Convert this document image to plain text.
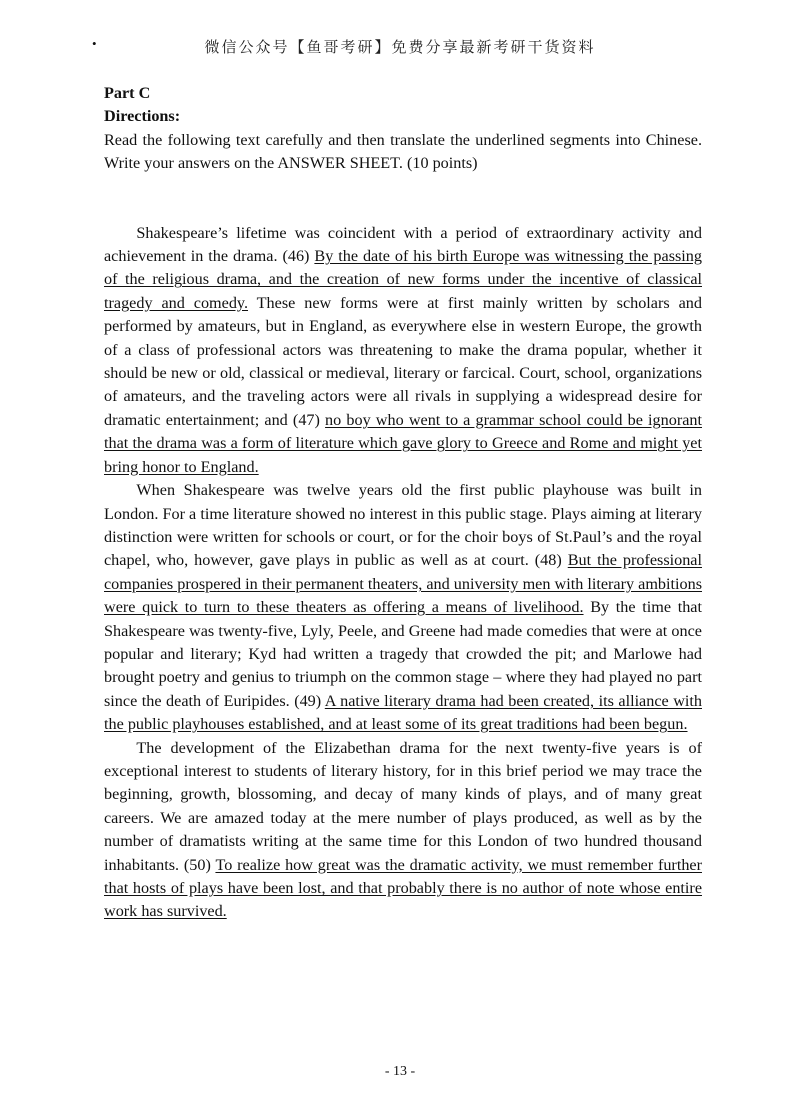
•	微信公众号【鱼哥考研】免费分享最新考研干货资料
Part C
Directions:
Read the following text carefully and then translate the underlined segments into Chinese. Write your answers on the ANSWER SHEET. (10 points)

Shakespeare’s lifetime was coincident with a period of extraordinary activity and achievement in the drama. (46) By the date of his birth Europe was witnessing the passing of the religious drama, and the creation of new forms under the incentive of classical tragedy and comedy. These new forms were at first mainly written by scholars and performed by amateurs, but in England, as everywhere else in western Europe, the growth of a class of professional actors was threatening to make the drama popular, whether it should be new or old, classical or medieval, literary or farcical. Court, school, organizations of amateurs, and the traveling actors were all rivals in supplying a widespread desire for dramatic entertainment; and (47) no boy who went to a grammar school could be ignorant that the drama was a form of literature which gave glory to Greece and Rome and might yet bring honor to England.

When Shakespeare was twelve years old the first public playhouse was built in London. For a time literature showed no interest in this public stage. Plays aiming at literary distinction were written for schools or court, or for the choir boys of St.Paul’s and the royal chapel, who, however, gave plays in public as well as at court. (48) But the professional companies prospered in their permanent theaters, and university men with literary ambitions were quick to turn to these theaters as offering a means of livelihood. By the time that Shakespeare was twenty-five, Lyly, Peele, and Greene had made comedies that were at once popular and literary; Kyd had written a tragedy that crowded the pit; and Marlowe had brought poetry and genius to triumph on the common stage – where they had played no part since the death of Euripides. (49) A native literary drama had been created, its alliance with the public playhouses established, and at least some of its great traditions had been begun.

The development of the Elizabethan drama for the next twenty-five years is of exceptional interest to students of literary history, for in this brief period we may trace the beginning, growth, blossoming, and decay of many kinds of plays, and of many great careers. We are amazed today at the mere number of plays produced, as well as by the number of dramatists writing at the same time for this London of two hundred thousand inhabitants. (50) To realize how great was the dramatic activity, we must remember further that hosts of plays have been lost, and that probably there is no author of note whose entire work has survived.

- 13 -
